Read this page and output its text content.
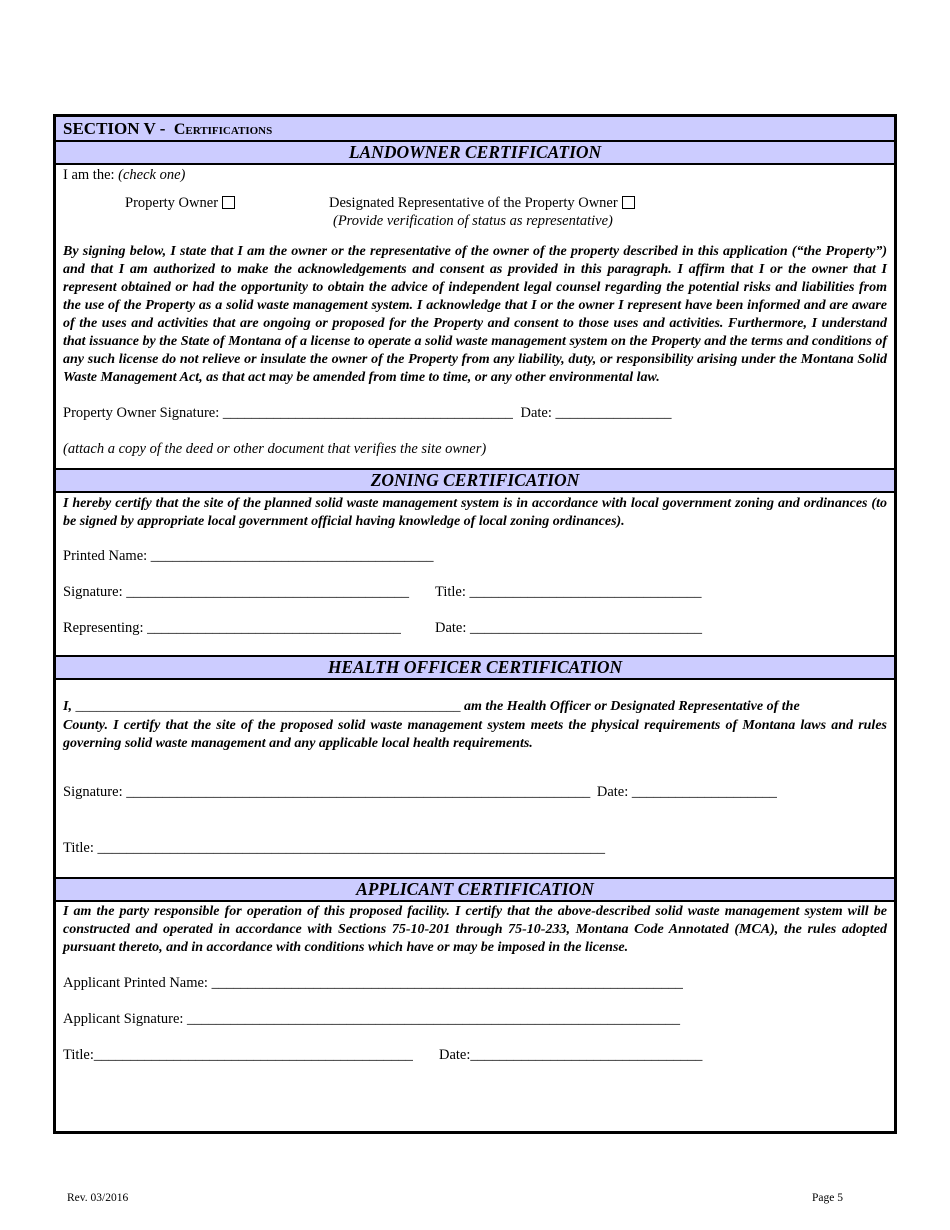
SECTION V - Certifications
LANDOWNER CERTIFICATION
I am the: (check one)
Property Owner	Designated Representative of the Property Owner
(Provide verification of status as representative)
By signing below, I state that I am the owner or the representative of the owner of the property described in this application (“the Property”) and that I am authorized to make the acknowledgements and consent as provided in this paragraph. I affirm that I or the owner that I represent obtained or had the opportunity to obtain the advice of independent legal counsel regarding the potential risks and liabilities from the use of the Property as a solid waste management system. I acknowledge that I or the owner I represent have been informed and are aware of the uses and activities that are ongoing or proposed for the Property and consent to those uses and activities. Furthermore, I understand that issuance by the State of Montana of a license to operate a solid waste management system on the Property and the terms and conditions of any such license do not relieve or insulate the owner of the Property from any liability, duty, or responsibility arising under the Montana Solid Waste Management Act, as that act may be amended from time to time, or any other environmental law.
Property Owner Signature: ________________________________________ Date: ________________
(attach a copy of the deed or other document that verifies the site owner)
ZONING CERTIFICATION
I hereby certify that the site of the planned solid waste management system is in accordance with local government zoning and ordinances (to be signed by appropriate local government official having knowledge of local zoning ordinances).
Printed Name: _______________________________________
Signature: _______________________________________ Title: ________________________________
Representing: ___________________________________ Date: ________________________________
HEALTH OFFICER CERTIFICATION
I, _______________________________________________________ am the Health Officer or Designated Representative of the
County. I certify that the site of the proposed solid waste management system meets the physical requirements of Montana laws and rules governing solid waste management and any applicable local health requirements.
Signature: ________________________________________________________________ Date: ____________________
Title: ______________________________________________________________________
APPLICANT CERTIFICATION
I am the party responsible for operation of this proposed facility. I certify that the above-described solid waste management system will be constructed and operated in accordance with Sections 75-10-201 through 75-10-233, Montana Code Annotated (MCA), the rules adopted pursuant thereto, and in accordance with conditions which have or may be imposed in the license.
Applicant Printed Name: _________________________________________________________________
Applicant Signature: ____________________________________________________________________
Title:____________________________________________ Date:________________________________
Rev. 03/2016	Page 5
